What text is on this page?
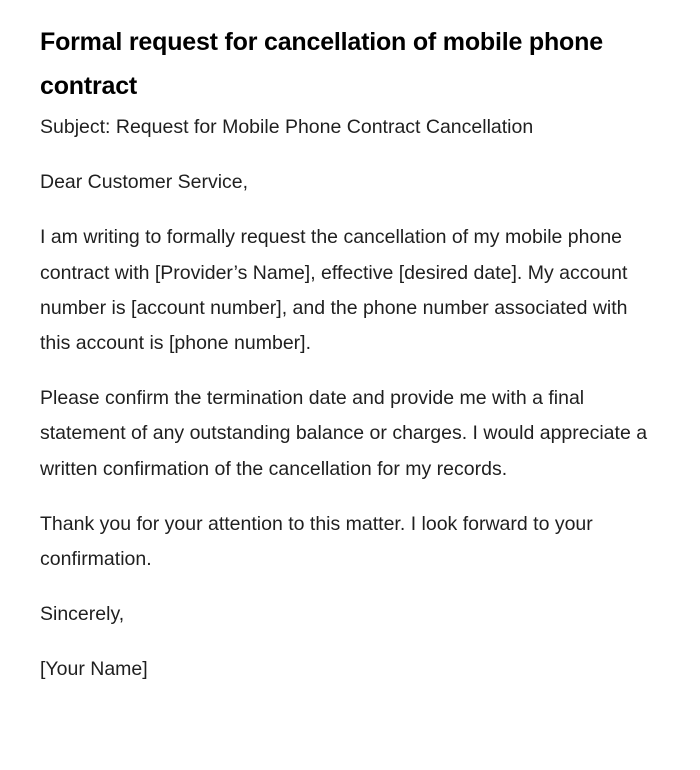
Formal request for cancellation of mobile phone contract

Subject: Request for Mobile Phone Contract Cancellation

Dear Customer Service,

I am writing to formally request the cancellation of my mobile phone contract with [Provider’s Name], effective [desired date]. My account number is [account number], and the phone number associated with this account is [phone number].

Please confirm the termination date and provide me with a final statement of any outstanding balance or charges. I would appreciate a written confirmation of the cancellation for my records.

Thank you for your attention to this matter. I look forward to your confirmation.

Sincerely,

[Your Name]
